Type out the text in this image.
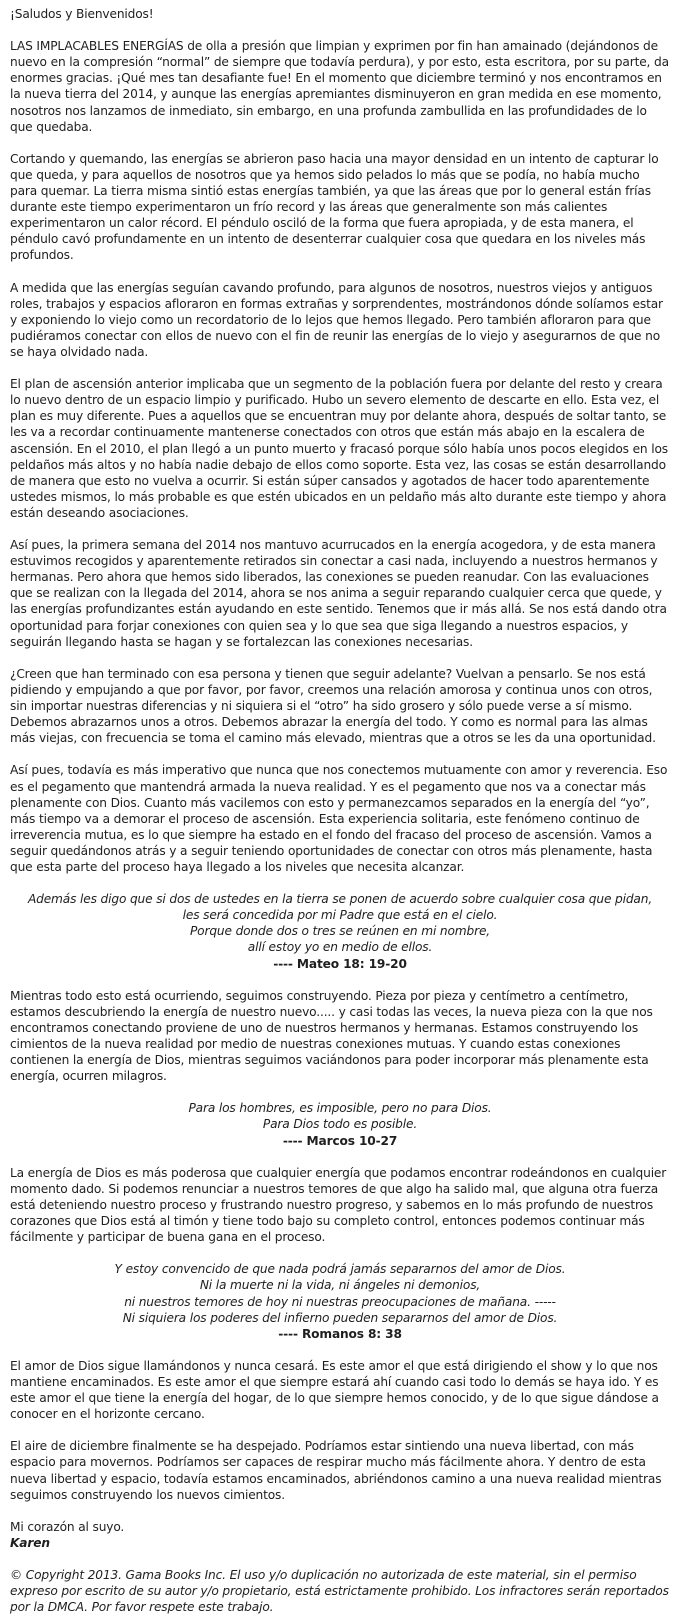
¡Saludos y Bienvenidos!

LAS IMPLACABLES ENERGÍAS de olla a presión que limpian y exprimen por fin han amainado (dejándonos de nuevo en la compresión “normal” de siempre que todavía perdura), y por esto, esta escritora, por su parte, da enormes gracias. ¡Qué mes tan desafiante fue! En el momento que diciembre terminó y nos encontramos en la nueva tierra del 2014, y aunque las energías apremiantes disminuyeron en gran medida en ese momento, nosotros nos lanzamos de inmediato, sin embargo, en una profunda zambullida en las profundidades de lo que quedaba.

Cortando y quemando, las energías se abrieron paso hacia una mayor densidad en un intento de capturar lo que queda, y para aquellos de nosotros que ya hemos sido pelados lo más que se podía, no había mucho para quemar. La tierra misma sintió estas energías también, ya que las áreas que por lo general están frías durante este tiempo experimentaron un frío record y las áreas que generalmente son más calientes experimentaron un calor récord. El péndulo osciló de la forma que fuera apropiada, y de esta manera, el péndulo cavó profundamente en un intento de desenterrar cualquier cosa que quedara en los niveles más profundos.

A medida que las energías seguían cavando profundo, para algunos de nosotros, nuestros viejos y antiguos roles, trabajos y espacios afloraron en formas extrañas y sorprendentes, mostrándonos dónde solíamos estar y exponiendo lo viejo como un recordatorio de lo lejos que hemos llegado. Pero también afloraron para que pudiéramos conectar con ellos de nuevo con el fin de reunir las energías de lo viejo y asegurarnos de que no se haya olvidado nada.

El plan de ascensión anterior implicaba que un segmento de la población fuera por delante del resto y creara lo nuevo dentro de un espacio limpio y purificado. Hubo un severo elemento de descarte en ello. Esta vez, el plan es muy diferente. Pues a aquellos que se encuentran muy por delante ahora, después de soltar tanto, se les va a recordar continuamente mantenerse conectados con otros que están más abajo en la escalera de ascensión. En el 2010, el plan llegó a un punto muerto y fracasó porque sólo había unos pocos elegidos en los peldaños más altos y no había nadie debajo de ellos como soporte. Esta vez, las cosas se están desarrollando de manera que esto no vuelva a ocurrir. Si están súper cansados y agotados de hacer todo aparentemente ustedes mismos, lo más probable es que estén ubicados en un peldaño más alto durante este tiempo y ahora están deseando asociaciones.

Así pues, la primera semana del 2014 nos mantuvo acurrucados en la energía acogedora, y de esta manera estuvimos recogidos y aparentemente retirados sin conectar a casi nada, incluyendo a nuestros hermanos y hermanas. Pero ahora que hemos sido liberados, las conexiones se pueden reanudar. Con las evaluaciones que se realizan con la llegada del 2014, ahora se nos anima a seguir reparando cualquier cerca que quede, y las energías profundizantes están ayudando en este sentido. Tenemos que ir más allá. Se nos está dando otra oportunidad para forjar conexiones con quien sea y lo que sea que siga llegando a nuestros espacios, y seguirán llegando hasta se hagan y se fortalezcan las conexiones necesarias.

¿Creen que han terminado con esa persona y tienen que seguir adelante? Vuelvan a pensarlo. Se nos está pidiendo y empujando a que por favor, por favor, creemos una relación amorosa y continua unos con otros, sin importar nuestras diferencias y ni siquiera si el “otro” ha sido grosero y sólo puede verse a sí mismo. Debemos abrazarnos unos a otros. Debemos abrazar la energía del todo. Y como es normal para las almas más viejas, con frecuencia se toma el camino más elevado, mientras que a otros se les da una oportunidad.

Así pues, todavía es más imperativo que nunca que nos conectemos mutuamente con amor y reverencia. Eso es el pegamento que mantendrá armada la nueva realidad. Y es el pegamento que nos va a conectar más plenamente con Dios. Cuanto más vacilemos con esto y permanezcamos separados en la energía del “yo”, más tiempo va a demorar el proceso de ascensión. Esta experiencia solitaria, este fenómeno continuo de irreverencia mutua, es lo que siempre ha estado en el fondo del fracaso del proceso de ascensión. Vamos a seguir quedándonos atrás y a seguir teniendo oportunidades de conectar con otros más plenamente, hasta que esta parte del proceso haya llegado a los niveles que necesita alcanzar.

Además les digo que si dos de ustedes en la tierra se ponen de acuerdo sobre cualquier cosa que pidan,
les será concedida por mi Padre que está en el cielo.
Porque donde dos o tres se reúnen en mi nombre,
allí estoy yo en medio de ellos.
---- Mateo 18: 19-20

Mientras todo esto está ocurriendo, seguimos construyendo. Pieza por pieza y centímetro a centímetro, estamos descubriendo la energía de nuestro nuevo..... y casi todas las veces, la nueva pieza con la que nos encontramos conectando proviene de uno de nuestros hermanos y hermanas. Estamos construyendo los cimientos de la nueva realidad por medio de nuestras conexiones mutuas. Y cuando estas conexiones contienen la energía de Dios, mientras seguimos vaciándonos para poder incorporar más plenamente esta energía, ocurren milagros.

Para los hombres, es imposible, pero no para Dios.
Para Dios todo es posible.
---- Marcos 10-27

La energía de Dios es más poderosa que cualquier energía que podamos encontrar rodeándonos en cualquier momento dado. Si podemos renunciar a nuestros temores de que algo ha salido mal, que alguna otra fuerza está deteniendo nuestro proceso y frustrando nuestro progreso, y sabemos en lo más profundo de nuestros corazones que Dios está al timón y tiene todo bajo su completo control, entonces podemos continuar más fácilmente y participar de buena gana en el proceso.

Y estoy convencido de que nada podrá jamás separarnos del amor de Dios.
Ni la muerte ni la vida, ni ángeles ni demonios,
ni nuestros temores de hoy ni nuestras preocupaciones de mañana. -----
Ni siquiera los poderes del infierno pueden separarnos del amor de Dios.
---- Romanos 8: 38

El amor de Dios sigue llamándonos y nunca cesará. Es este amor el que está dirigiendo el show y lo que nos mantiene encaminados. Es este amor el que siempre estará ahí cuando casi todo lo demás se haya ido. Y es este amor el que tiene la energía del hogar, de lo que siempre hemos conocido, y de lo que sigue dándose a conocer en el horizonte cercano.

El aire de diciembre finalmente se ha despejado. Podríamos estar sintiendo una nueva libertad, con más espacio para movernos. Podríamos ser capaces de respirar mucho más fácilmente ahora. Y dentro de esta nueva libertad y espacio, todavía estamos encaminados, abriéndonos camino a una nueva realidad mientras seguimos construyendo los nuevos cimientos.

Mi corazón al suyo.
Karen

© Copyright 2013. Gama Books Inc. El uso y/o duplicación no autorizada de este material, sin el permiso expreso por escrito de su autor y/o propietario, está estrictamente prohibido. Los infractores serán reportados por la DMCA. Por favor respete este trabajo.
